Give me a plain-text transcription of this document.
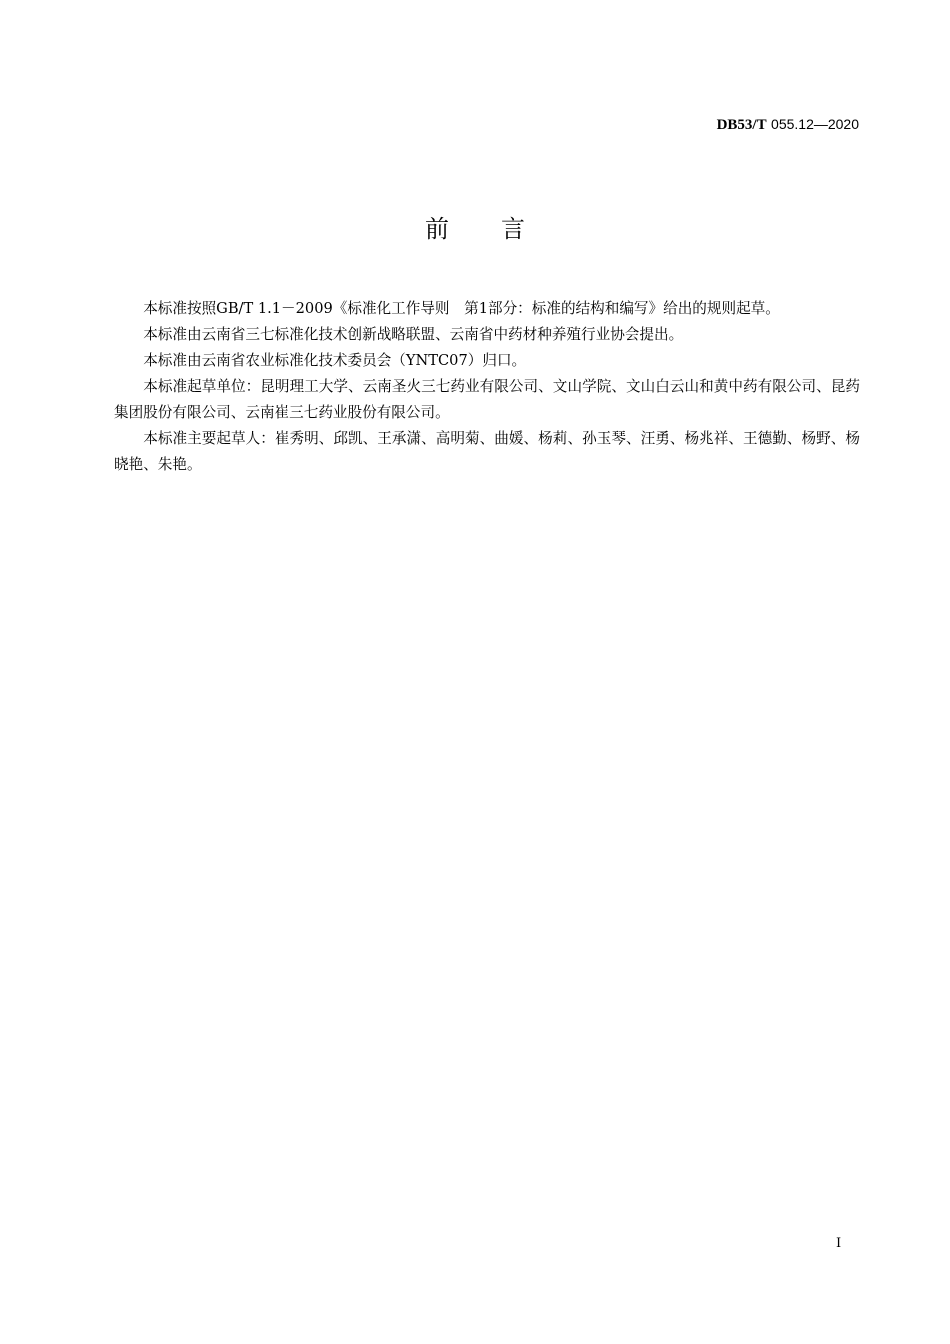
DB53/T 055.12—2020
前言

本标准按照GB/T 1.1－2009《标准化工作导则　第1部分：标准的结构和编写》给出的规则起草。

本标准由云南省三七标准化技术创新战略联盟、云南省中药材种养殖行业协会提出。

本标准由云南省农业标准化技术委员会（YNTC07）归口。

本标准起草单位：昆明理工大学、云南圣火三七药业有限公司、文山学院、文山白云山和黄中药有限公司、昆药集团股份有限公司、云南崔三七药业股份有限公司。

本标准主要起草人：崔秀明、邱凯、王承潇、高明菊、曲媛、杨莉、孙玉琴、汪勇、杨兆祥、王德勤、杨野、杨晓艳、朱艳。

I
